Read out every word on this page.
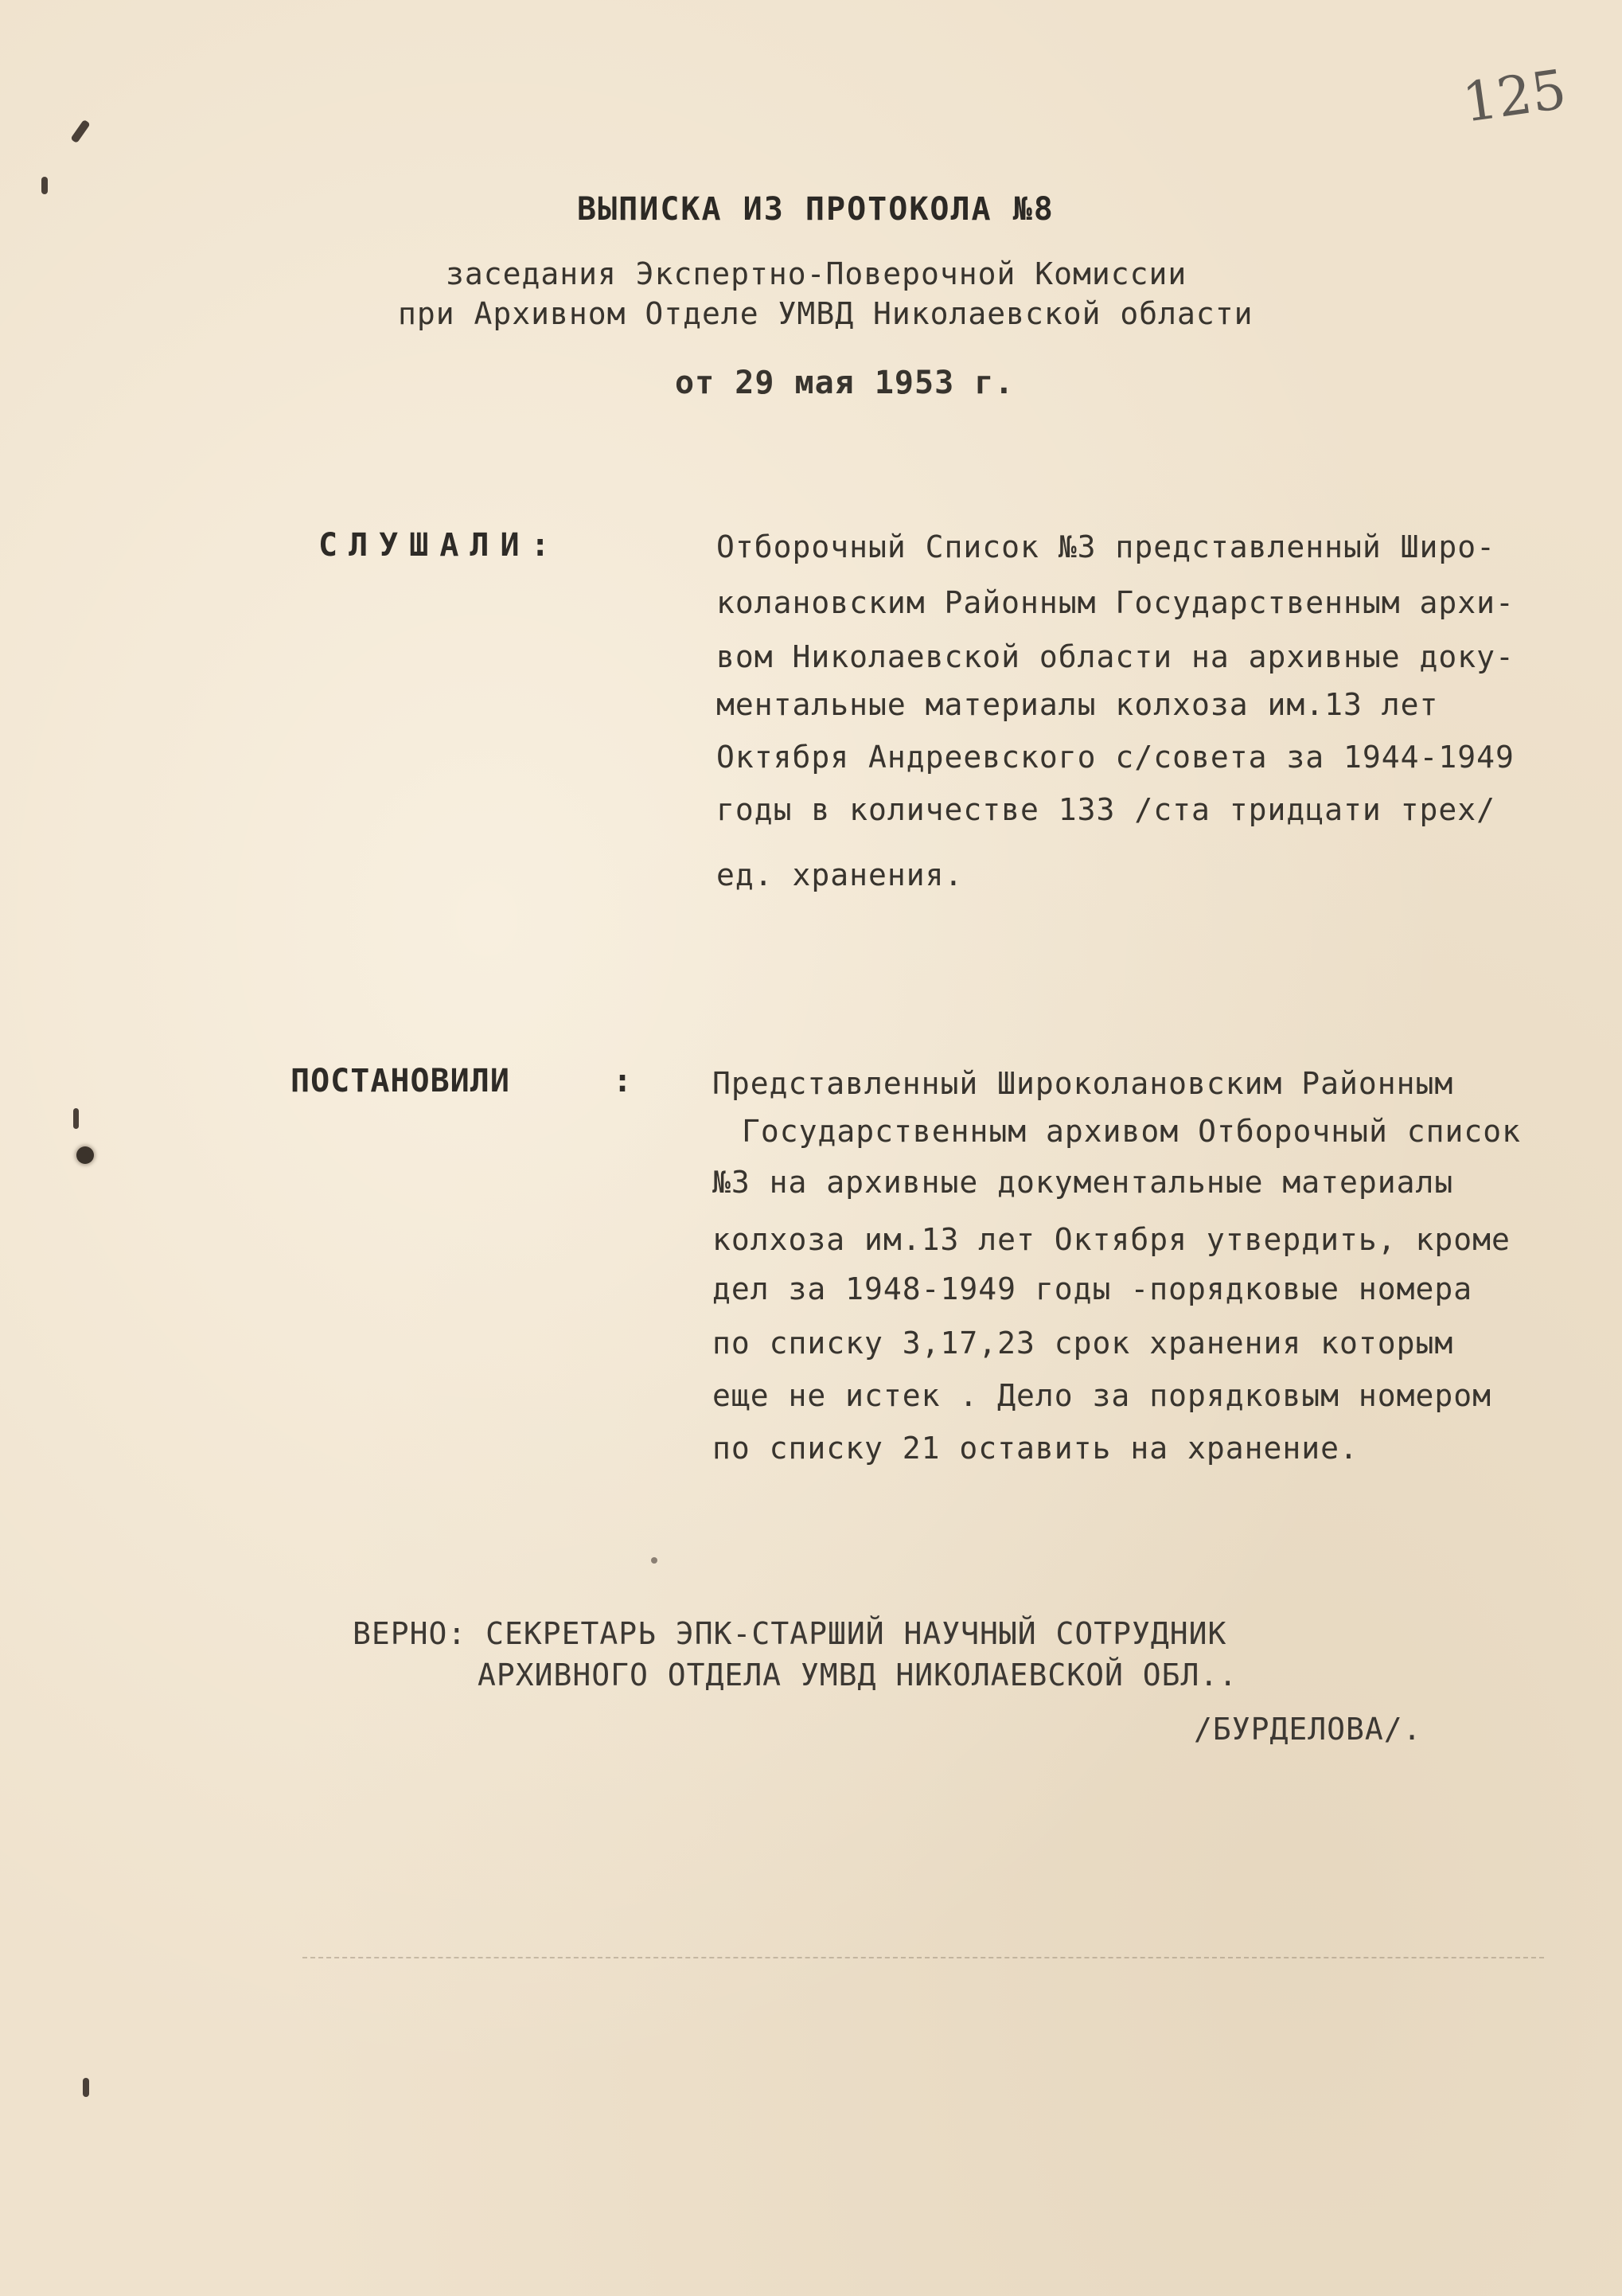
125
ВЫПИСКА ИЗ ПРОТОКОЛА №8
заседания Экспертно-Поверочной Комиссии
при Архивном Отделе УМВД Николаевской области
от 29 мая 1953 г.
СЛУШАЛИ:	Отборочный Список №3 представленный Широ-
колановским Районным Государственным архи-
вом Николаевской области на архивные доку-
ментальные материалы колхоза им.13 лет
Октября Андреевского с/совета за 1944-1949
годы в количестве 133 /ста тридцати трех/
ед. хранения.
ПОСТАНОВИЛИ	:	Представленный Широколановским Районным
Государственным архивом Отборочный список
№3 на архивные документальные материалы
колхоза им.13 лет Октября утвердить, кроме
дел за 1948-1949 годы -порядковые номера
по списку 3,17,23 срок хранения которым
еще не истек . Дело за порядковым номером
по списку 21 оставить на хранение.
ВЕРНО: СЕКРЕТАРЬ ЭПК-СТАРШИЙ НАУЧНЫЙ СОТРУДНИК
АРХИВНОГО ОТДЕЛА УМВД НИКОЛАЕВСКОЙ ОБЛ..
/БУРДЕЛОВА/.
